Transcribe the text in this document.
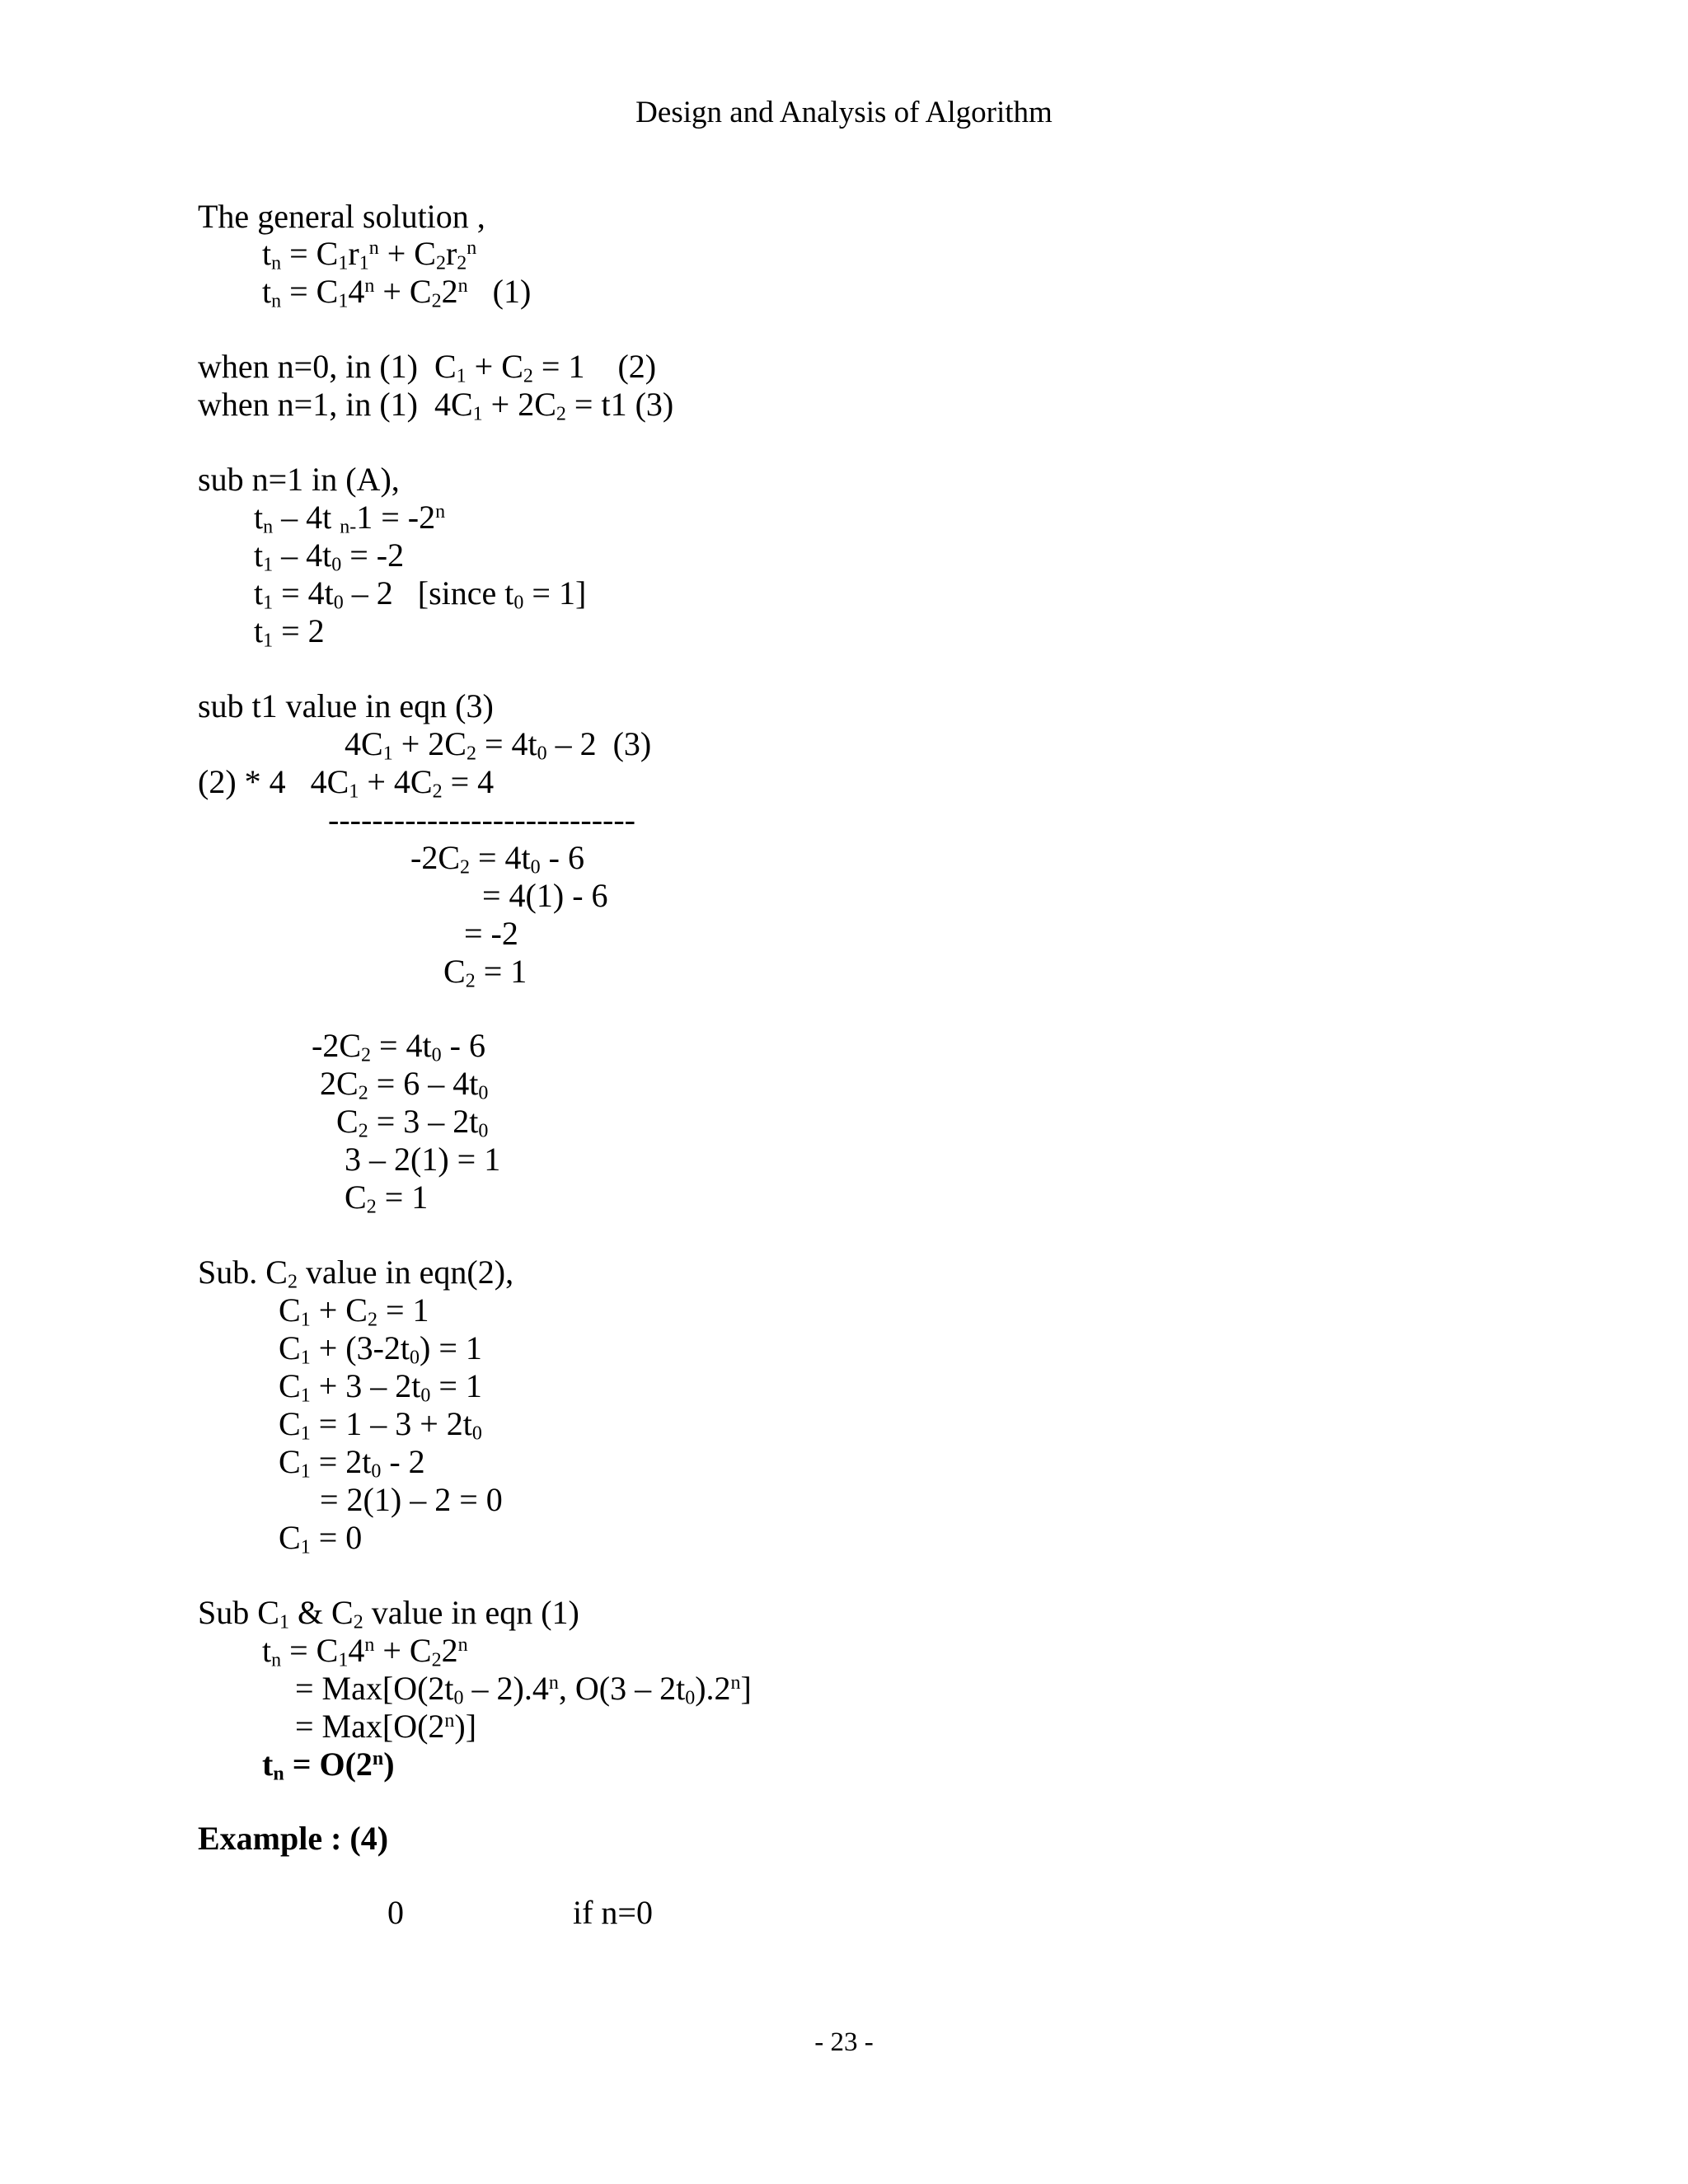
Design and Analysis of Algorithm
The general solution ,
$t_n = C_1r_1^n + C_2r_2^n$
$t_n = C_14^n + C_22^n$   (1)
when n=0, in (1)  $C_1 + C_2 = 1$    (2)
when n=1, in (1)  $4C_1 + 2C_2 = t1$ (3)
sub n=1 in (A),
$t_n - 4t$ $_{n-}1 = -2^n$
$t_1 - 4t_0 = -2$
$t_1 = 4t_0 - 2$   [since $t_0 = 1$]
$t_1 = 2$
sub t1 value in eqn (3)
$4C_1 + 2C_2 = 4t_0 - 2$  (3)
(2) * 4   $4C_1 + 4C_2 = 4$
----------------------------
$-2C_2 = 4t_0 - 6$
= 4(1) - 6
= -2
$C_2 = 1$
$-2C_2 = 4t_0 - 6$
$2C_2 = 6 - 4t_0$
$C_2 = 3 - 2t_0$
3 – 2(1) = 1
$C_2 = 1$
Sub. $C_2$ value in eqn(2),
$C_1 + C_2 = 1$
$C_1 + (3-2t_0) = 1$
$C_1 + 3 - 2t_0 = 1$
$C_1 = 1 - 3 + 2t_0$
$C_1 = 2t_0 - 2$
= 2(1) – 2 = 0
$C_1 = 0$
Sub $C_1$ & $C_2$ value in eqn (1)
$t_n = C_14^n + C_22^n$
= $Max[O(2t_0 - 2).4^n$, $O(3 - 2t_0).2^n$]
= $Max[O(2^n)]$
$t_n = O(2^n)$
Example : (4)
0	if n=0
- 23 -
